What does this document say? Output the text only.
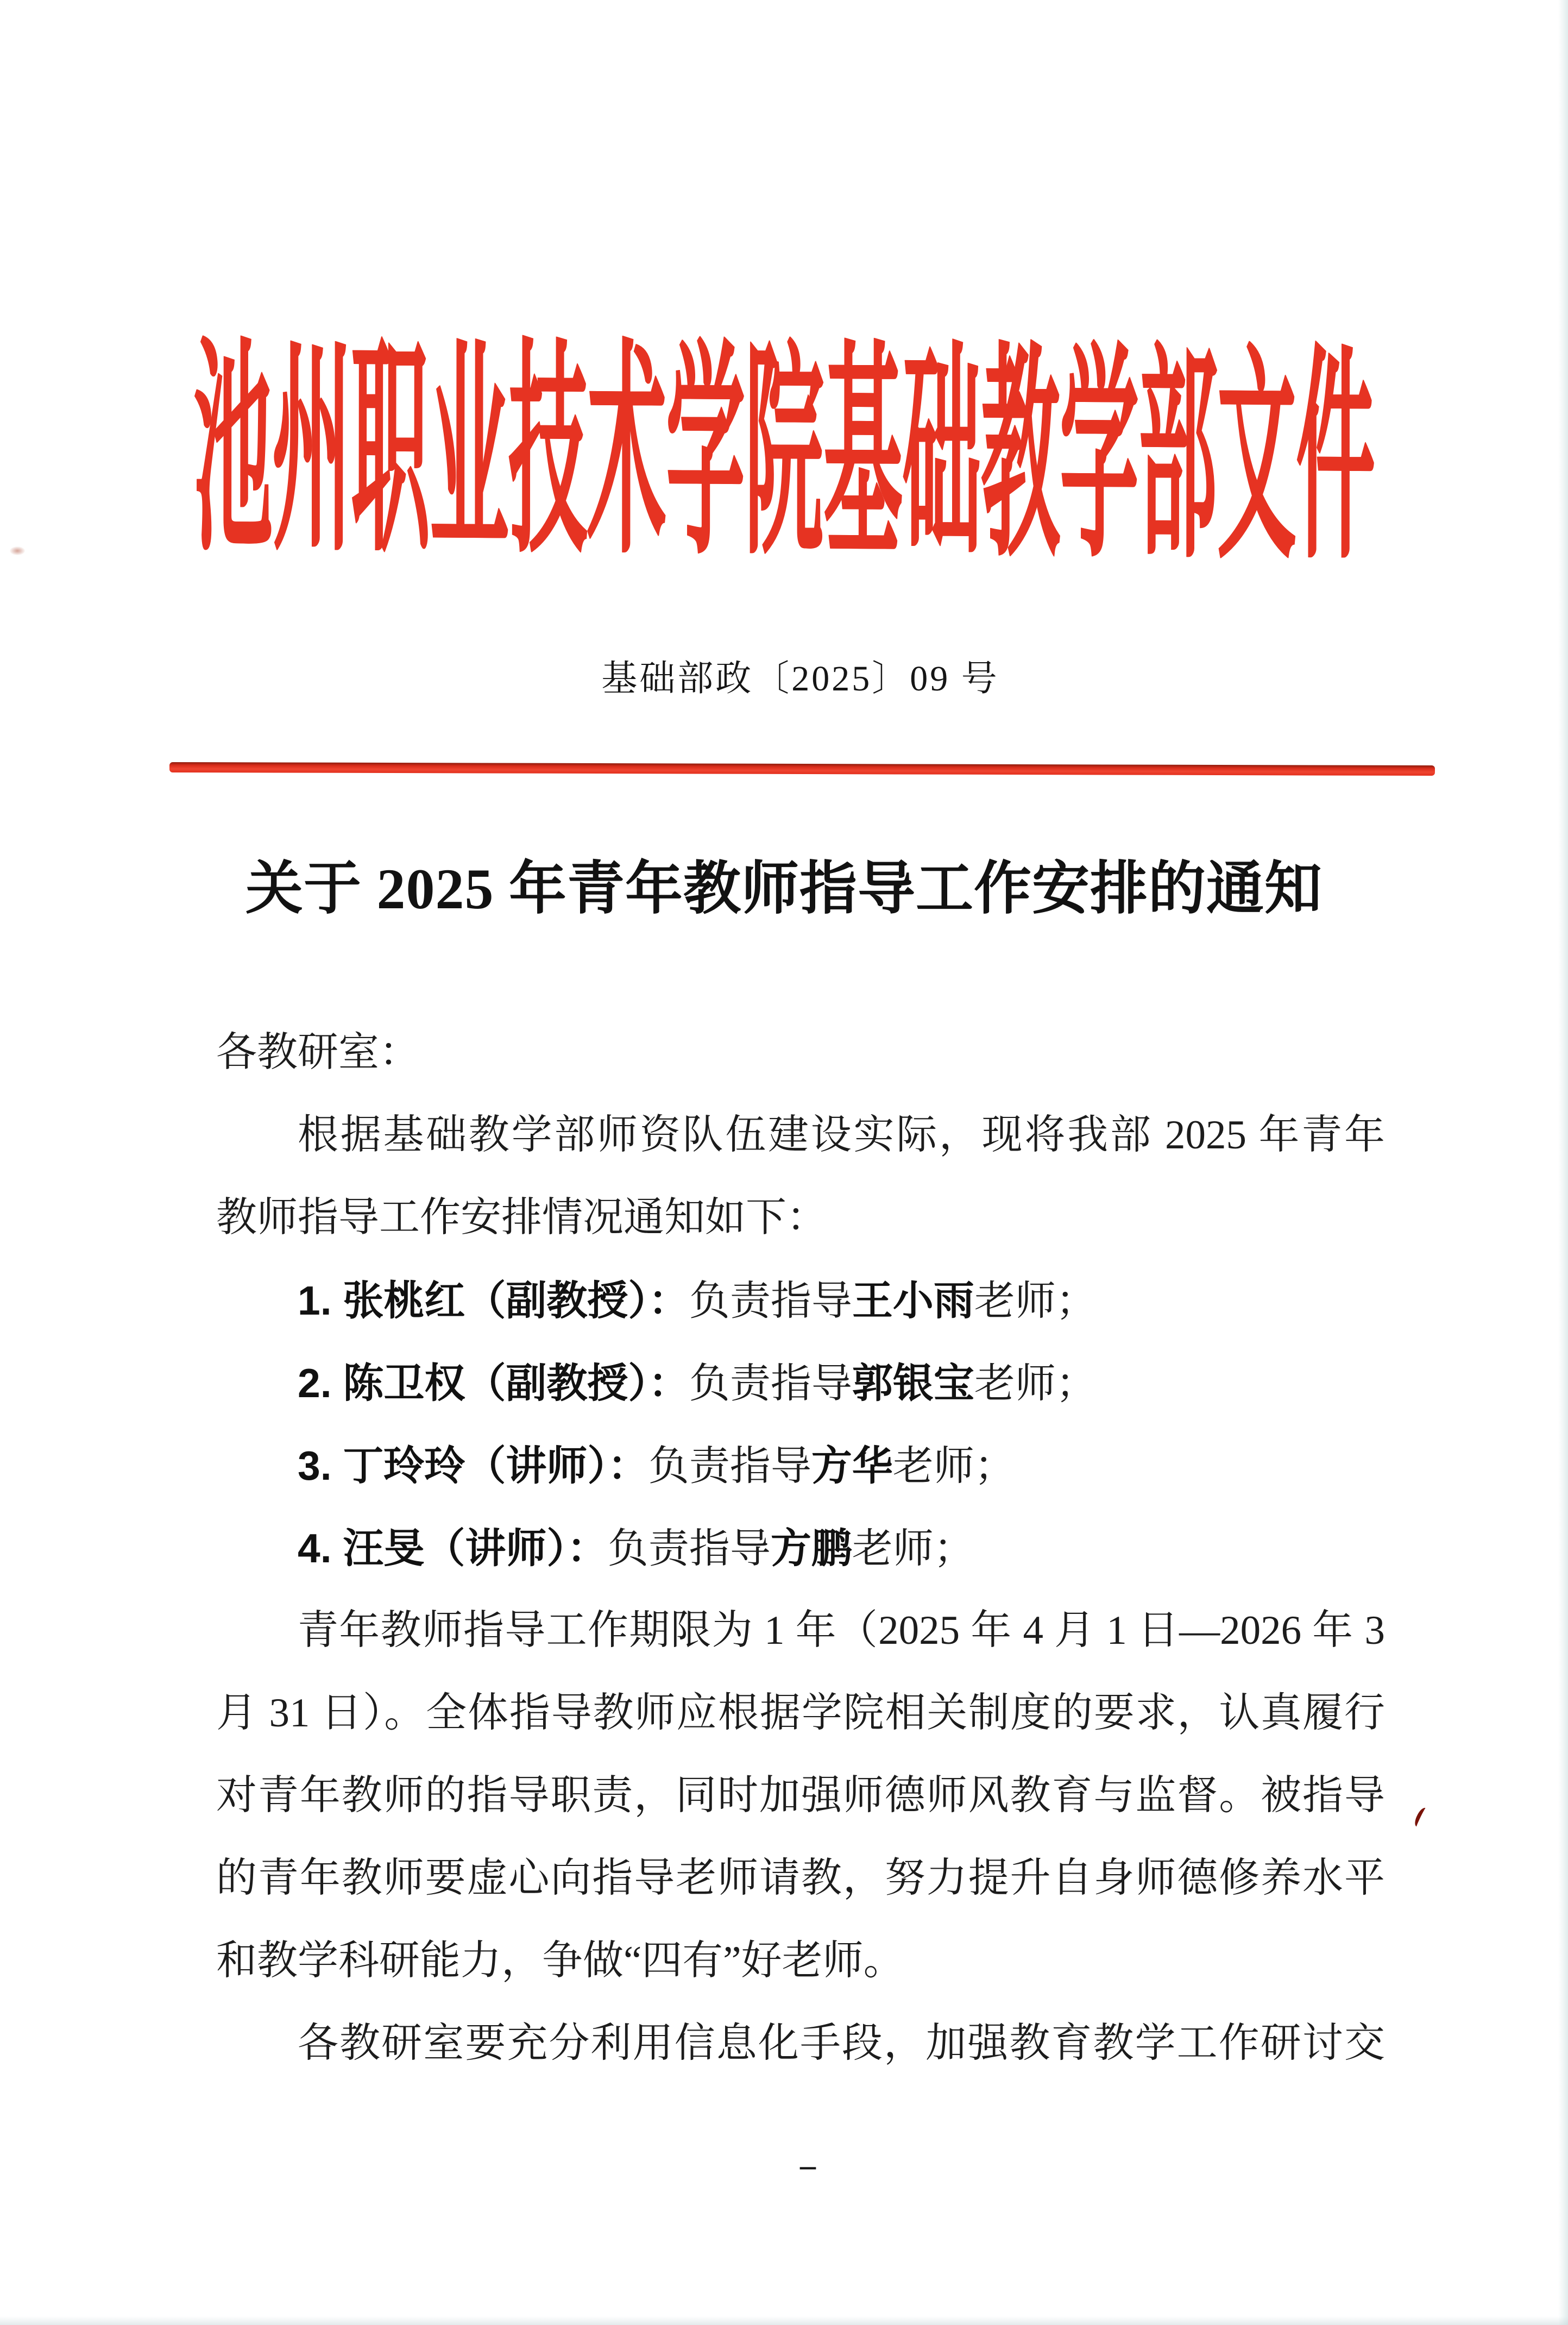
池州职业技术学院基础教学部文件
基础部政〔2025〕09 号
关于 2025 年青年教师指导工作安排的通知
各教研室：
根据基础教学部师资队伍建设实际，现将我部 2025 年青年
教师指导工作安排情况通知如下：
1. 张桃红（副教授）：负责指导王小雨老师；
2. 陈卫权（副教授）：负责指导郭银宝老师；
3. 丁玲玲（讲师）：负责指导方华老师；
4. 汪旻（讲师）：负责指导方鹏老师；
青年教师指导工作期限为 1 年（2025 年 4 月 1 日—2026 年 3
月 31 日）。全体指导教师应根据学院相关制度的要求，认真履行
对青年教师的指导职责，同时加强师德师风教育与监督。被指导
的青年教师要虚心向指导老师请教，努力提升自身师德修养水平
和教学科研能力，争做“四有”好老师。
各教研室要充分利用信息化手段，加强教育教学工作研讨交
–
